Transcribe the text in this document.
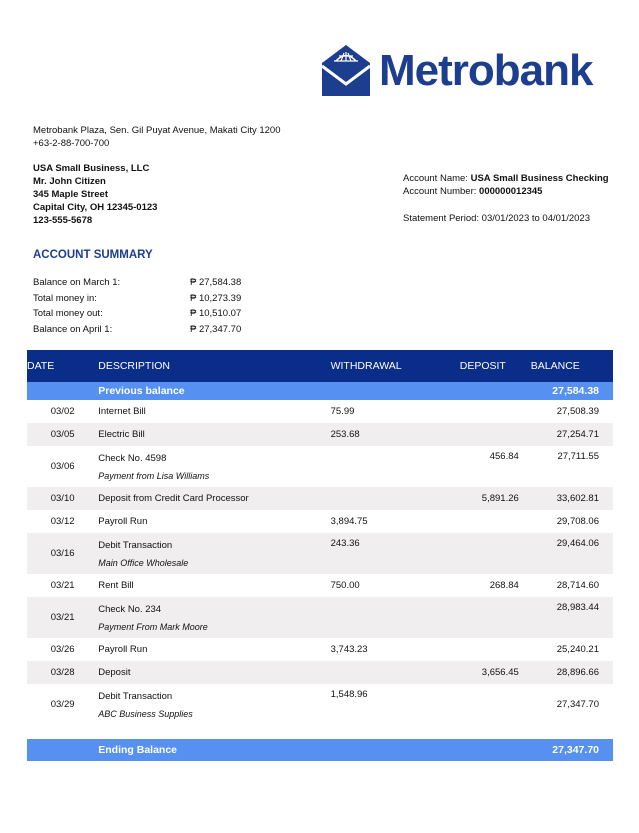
Metrobank
Metrobank Plaza, Sen. Gil Puyat Avenue, Makati City 1200
+63-2-88-700-700
USA Small Business, LLC
Mr. John Citizen
345 Maple Street
Capital City, OH 12345-0123
123-555-5678
Account Name: USA Small Business Checking
Account Number: 000000012345
Statement Period: 03/01/2023 to 04/01/2023
ACCOUNT SUMMARY
Balance on March 1:	₱ 27,584.38
Total money in:	₱ 10,273.39
Total money out:	₱ 10,510.07
Balance on April 1:	₱ 27,347.70
DATE	DESCRIPTION	WITHDRAWAL	DEPOSIT	BALANCE
	Previous balance			27,584.38
03/02	Internet Bill	75.99		27,508.39
03/05	Electric Bill	253.68		27,254.71
03/06	Check No. 4598
Payment from Lisa Williams		456.84	27,711.55
03/10	Deposit from Credit Card Processor		5,891.26	33,602.81
03/12	Payroll Run	3,894.75		29,708.06
03/16	Debit Transaction
Main Office Wholesale	243.36		29,464.06
03/21	Rent Bill	750.00	268.84	28,714.60
03/21	Check No. 234
Payment From Mark Moore			28,983.44
03/26	Payroll Run	3,743.23		25,240.21
03/28	Deposit		3,656.45	28,896.66
03/29	Debit Transaction
ABC Business Supplies	1,548.96		27,347.70

	Ending Balance			27,347.70
